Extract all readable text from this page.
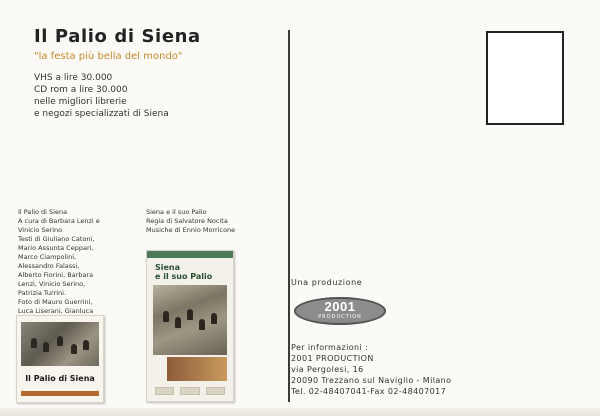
Il Palio di Siena
"la festa più bella del mondo"
VHS a lire 30.000
CD rom a lire 30.000
nelle migliori librerie
e negozi specializzati di Siena
Il Palio di Siena
A cura di Barbara Lenzi e
Vinicio Serino
Testi di Giuliano Catoni,
Mario Assunta Ceppari,
Marco Ciampolini,
Alessandro Falassi,
Alberto Fiorini, Barbara
Lenzi, Vinicio Serino,
Patrizia Turrini.
Foto di Mauro Guerrini,
Luca Liserani, Gianluca
Siena e il suo Palio
Regia di Salvatore Nocita
Musiche di Ennio Morricone
Il Palio di Siena
Siena
e il suo Palio
Una produzione
2001
PRODUCTION
Per informazioni :
2001 PRODUCTION
via Pergolesi, 16
20090 Trezzano sul Naviglio - Milano
Tel. 02-48407041-Fax 02-48407017
